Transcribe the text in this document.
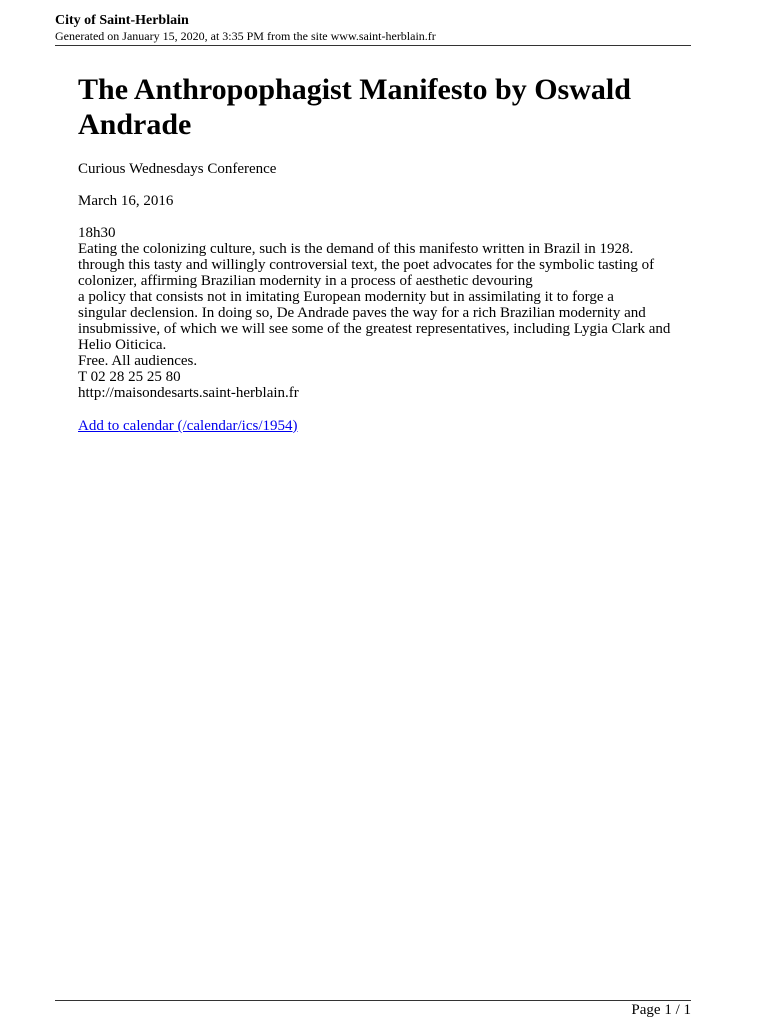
City of Saint-Herblain
Generated on January 15, 2020, at 3:35 PM from the site www.saint-herblain.fr
The Anthropophagist Manifesto by Oswald Andrade

Curious Wednesdays Conference

March 16, 2016

18h30

Eating the colonizing culture, such is the demand of this manifesto written in Brazil in 1928.
through this tasty and willingly controversial text, the poet advocates for the symbolic tasting of
colonizer, affirming Brazilian modernity in a process of aesthetic devouring
a policy that consists not in imitating European modernity but in assimilating it to forge a
singular declension. In doing so, De Andrade paves the way for a rich Brazilian modernity and
insubmissive, of which we will see some of the greatest representatives, including Lygia Clark and
Helio Oiticica.

Free. All audiences.

T 02 28 25 25 80

http://maisondesarts.saint-herblain.fr

Add to calendar (/calendar/ics/1954)
Page 1 / 1
